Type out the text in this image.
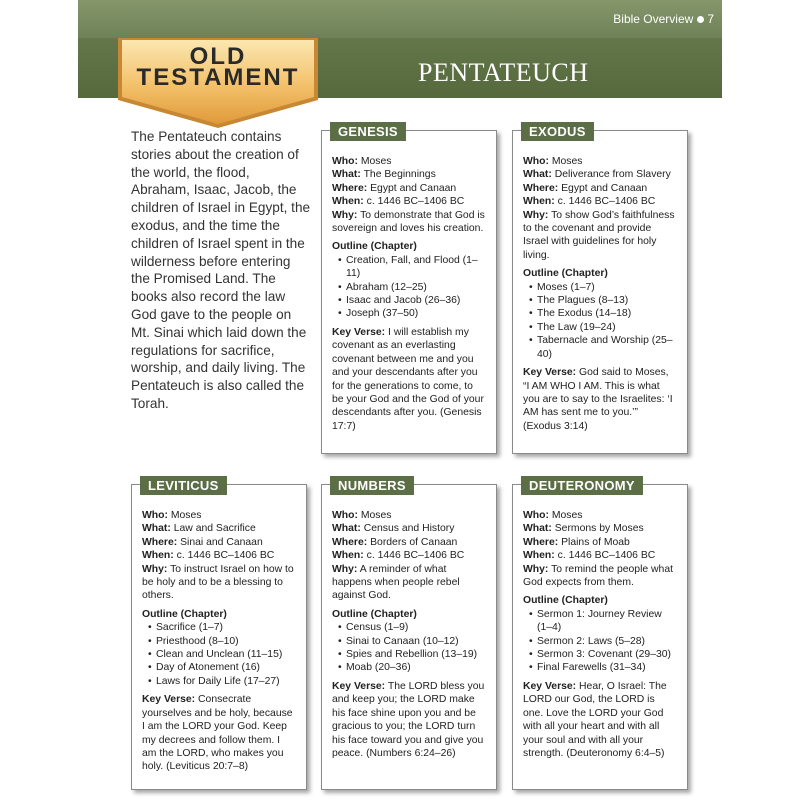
Bible Overview 7
PENTATEUCH
OLD
TESTAMENT
The Pentateuch contains stories about the creation of the world, the flood, Abraham, Isaac, Jacob, the children of Israel in Egypt, the exodus, and the time the children of Israel spent in the wilderness before entering the Promised Land. The books also record the law God gave to the people on Mt. Sinai which laid down the regulations for sacrifice, worship, and daily living. The Pentateuch is also called the Torah.
GENESIS
Who: Moses
What: The Beginnings
Where: Egypt and Canaan
When: c. 1446 BC–1406 BC
Why: To demonstrate that God is sovereign and loves his creation.
Outline (Chapter)
• Creation, Fall, and Flood (1–11)
• Abraham (12–25)
• Isaac and Jacob (26–36)
• Joseph (37–50)
Key Verse: I will establish my covenant as an everlasting covenant between me and you and your descendants after you for the generations to come, to be your God and the God of your descendants after you. (Genesis 17:7)
EXODUS
Who: Moses
What: Deliverance from Slavery
Where: Egypt and Canaan
When: c. 1446 BC–1406 BC
Why: To show God’s faithfulness to the covenant and provide Israel with guidelines for holy living.
Outline (Chapter)
• Moses (1–7)
• The Plagues (8–13)
• The Exodus (14–18)
• The Law (19–24)
• Tabernacle and Worship (25–40)
Key Verse: God said to Moses, “I AM WHO I AM. This is what you are to say to the Israelites: ‘I AM has sent me to you.’” (Exodus 3:14)
LEVITICUS
Who: Moses
What: Law and Sacrifice
Where: Sinai and Canaan
When: c. 1446 BC–1406 BC
Why: To instruct Israel on how to be holy and to be a blessing to others.
Outline (Chapter)
• Sacrifice (1–7)
• Priesthood (8–10)
• Clean and Unclean (11–15)
• Day of Atonement (16)
• Laws for Daily Life (17–27)
Key Verse: Consecrate yourselves and be holy, because I am the LORD your God. Keep my decrees and follow them. I am the LORD, who makes you holy. (Leviticus 20:7–8)
NUMBERS
Who: Moses
What: Census and History
Where: Borders of Canaan
When: c. 1446 BC–1406 BC
Why: A reminder of what happens when people rebel against God.
Outline (Chapter)
• Census (1–9)
• Sinai to Canaan (10–12)
• Spies and Rebellion (13–19)
• Moab (20–36)
Key Verse: The LORD bless you and keep you; the LORD make his face shine upon you and be gracious to you; the LORD turn his face toward you and give you peace. (Numbers 6:24–26)
DEUTERONOMY
Who: Moses
What: Sermons by Moses
Where: Plains of Moab
When: c. 1446 BC–1406 BC
Why: To remind the people what God expects from them.
Outline (Chapter)
• Sermon 1: Journey Review (1–4)
• Sermon 2: Laws (5–28)
• Sermon 3: Covenant (29–30)
• Final Farewells (31–34)
Key Verse: Hear, O Israel: The LORD our God, the LORD is one. Love the LORD your God with all your heart and with all your soul and with all your strength. (Deuteronomy 6:4–5)
